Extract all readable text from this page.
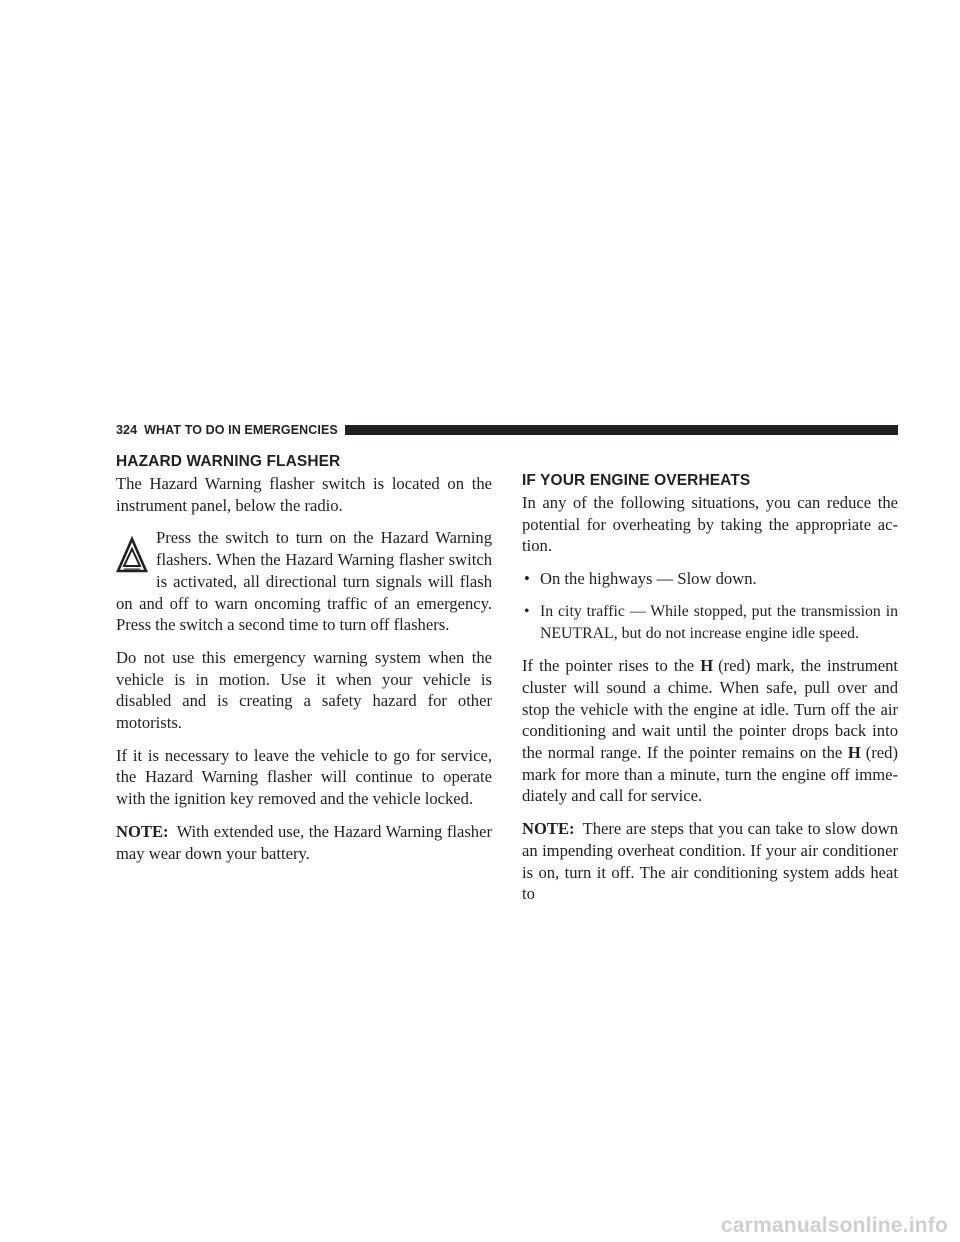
324 WHAT TO DO IN EMERGENCIES
HAZARD WARNING FLASHER

The Hazard Warning flasher switch is located on the instrument panel, below the radio.

Press the switch to turn on the Hazard Warning flashers. When the Hazard Warning flasher switch is activated, all directional turn signals will flash on and off to warn oncoming traffic of an emergency. Press the switch a second time to turn off flashers.

Do not use this emergency warning system when the vehicle is in motion. Use it when your vehicle is disabled and is creating a safety hazard for other motorists.

If it is necessary to leave the vehicle to go for service, the Hazard Warning flasher will continue to operate with the ignition key removed and the vehicle locked.

NOTE: With extended use, the Hazard Warning flasher may wear down your battery.

IF YOUR ENGINE OVERHEATS

In any of the following situations, you can reduce the potential for overheating by taking the appropriate ac-tion.

• On the highways — Slow down.
• In city traffic — While stopped, put the transmission in NEUTRAL, but do not increase engine idle speed.

If the pointer rises to the H (red) mark, the instrument cluster will sound a chime. When safe, pull over and stop the vehicle with the engine at idle. Turn off the air conditioning and wait until the pointer drops back into the normal range. If the pointer remains on the H (red) mark for more than a minute, turn the engine off imme-diately and call for service.

NOTE: There are steps that you can take to slow down an impending overheat condition. If your air conditioner is on, turn it off. The air conditioning system adds heat to

carmanualsonline.info
